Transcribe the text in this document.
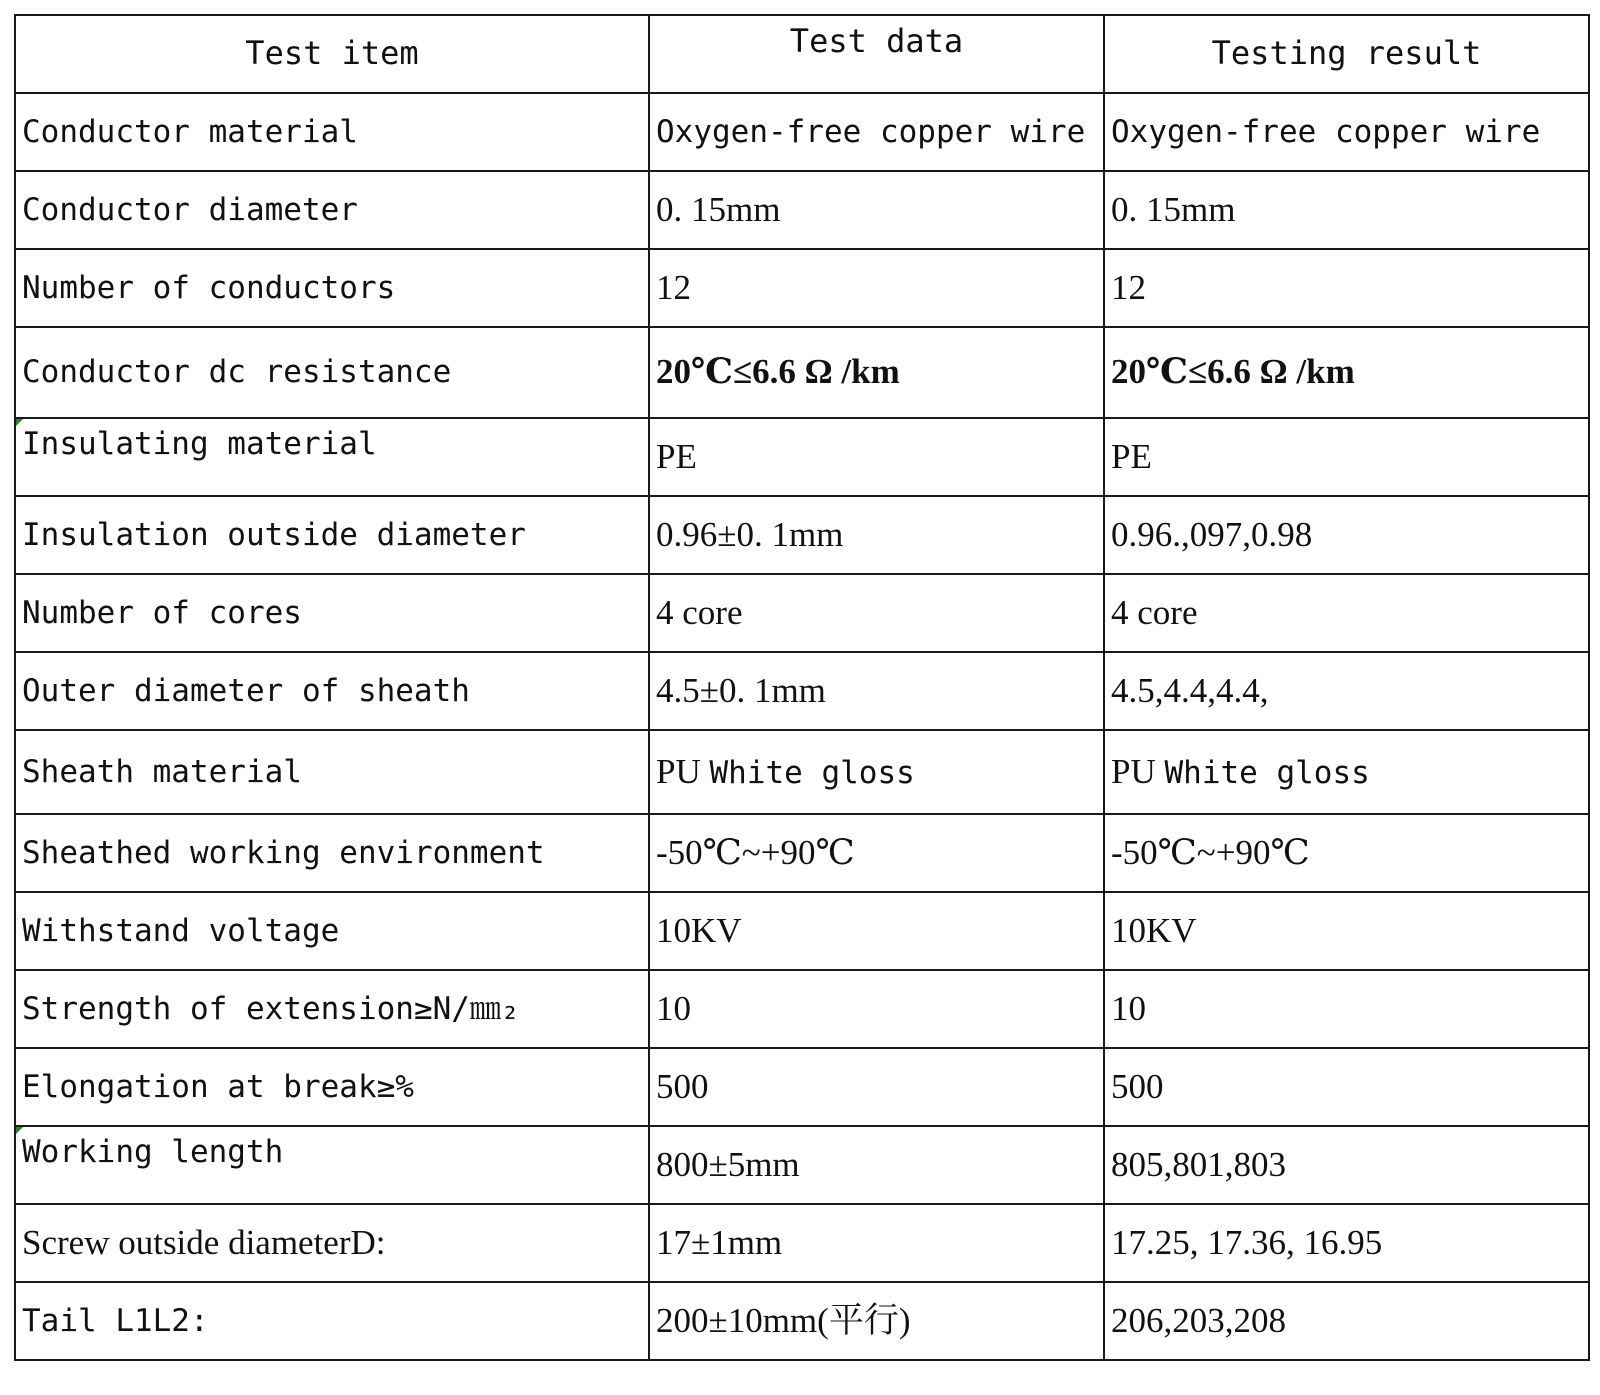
Test item	Test data	Testing result
Conductor material	Oxygen-free copper wire	Oxygen-free copper wire
Conductor diameter	0. 15mm	0. 15mm
Number of conductors	12	12
Conductor dc resistance	20℃≤6.6 Ω /km	20℃≤6.6 Ω /km
Insulating material	PE	PE
Insulation outside diameter	0.96±0. 1mm	0.96.,097,0.98
Number of cores	4 core	4 core
Outer diameter of sheath	4.5±0. 1mm	4.5,4.4,4.4,
Sheath material	PU White gloss	PU White gloss
Sheathed working environment	-50℃~+90℃	-50℃~+90℃
Withstand voltage	10KV	10KV
Strength of extension≥N/㎜₂	10	10
Elongation at break≥%	500	500
Working length	800±5mm	805,801,803
Screw outside diameterD:	17±1mm	17.25, 17.36, 16.95
Tail L1L2:	200±10mm(平行)	206,203,208
